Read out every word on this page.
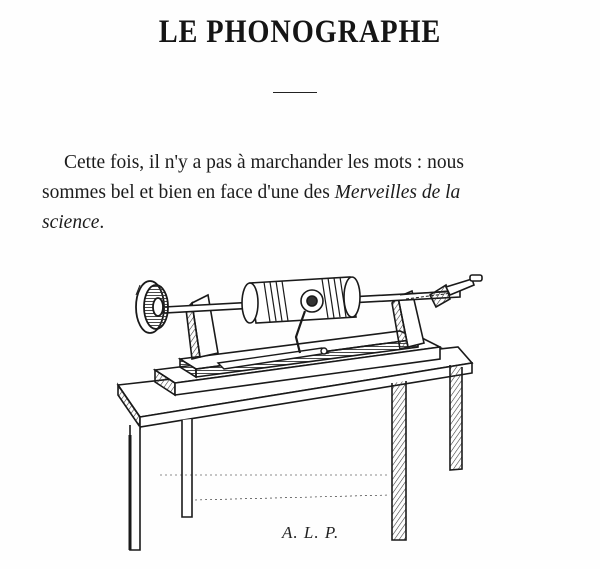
LE PHONOGRAPHE
Cette fois, il n'y a pas à marchander les mots : nous
sommes bel et bien en face d'une des Merveilles de la
science.
A. L. P.
